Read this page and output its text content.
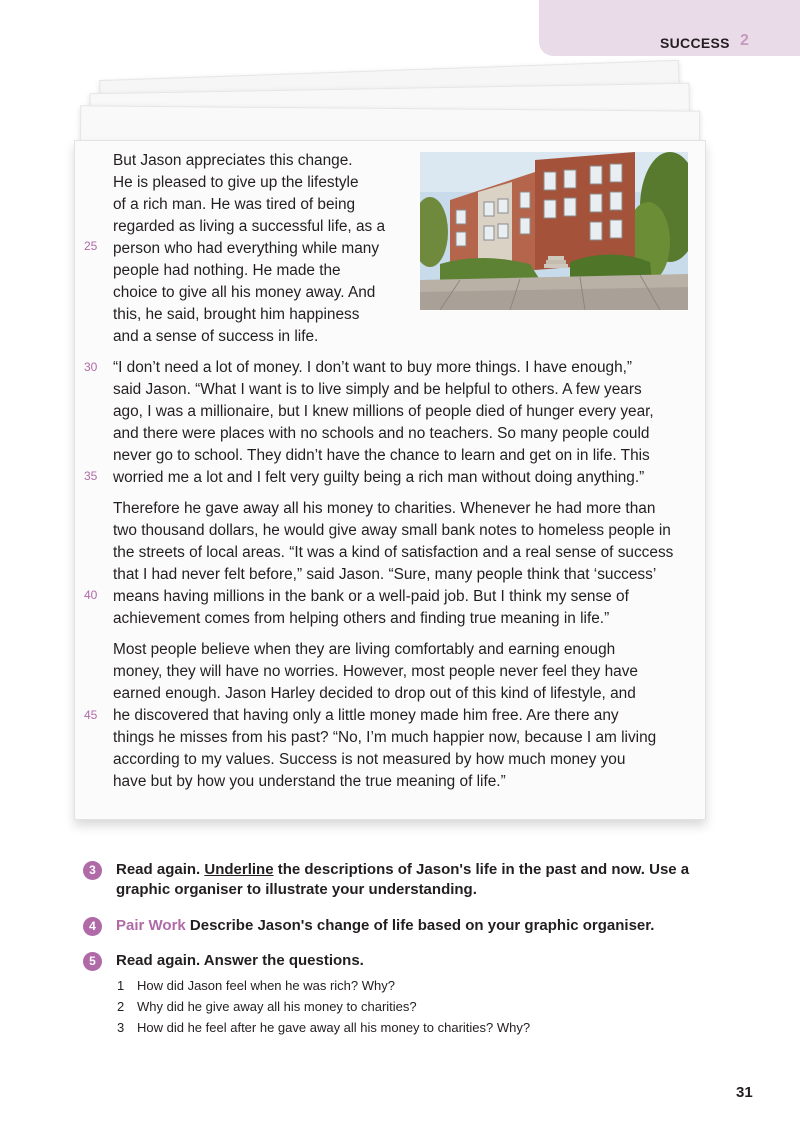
SUCCESS 2
25
30
35
40
45
But Jason appreciates this change.
He is pleased to give up the lifestyle
of a rich man. He was tired of being
regarded as living a successful life, as a
person who had everything while many
people had nothing. He made the
choice to give all his money away. And
this, he said, brought him happiness
and a sense of success in life.
“I don’t need a lot of money. I don’t want to buy more things. I have enough,”
said Jason. “What I want is to live simply and be helpful to others. A few years
ago, I was a millionaire, but I knew millions of people died of hunger every year,
and there were places with no schools and no teachers. So many people could
never go to school. They didn’t have the chance to learn and get on in life. This
worried me a lot and I felt very guilty being a rich man without doing anything.”
Therefore he gave away all his money to charities. Whenever he had more than
two thousand dollars, he would give away small bank notes to homeless people in
the streets of local areas. “It was a kind of satisfaction and a real sense of success
that I had never felt before,” said Jason. “Sure, many people think that ‘success’
means having millions in the bank or a well-paid job. But I think my sense of
achievement comes from helping others and finding true meaning in life.”
Most people believe when they are living comfortably and earning enough
money, they will have no worries. However, most people never feel they have
earned enough. Jason Harley decided to drop out of this kind of lifestyle, and
he discovered that having only a little money made him free. Are there any
things he misses from his past? “No, I’m much happier now, because I am living
according to my values. Success is not measured by how much money you
have but by how you understand the true meaning of life.”
3	Read again. Underline the descriptions of Jason's life in the past and now. Use a
graphic organiser to illustrate your understanding.
4	Pair Work Describe Jason's change of life based on your graphic organiser.
5	Read again. Answer the questions.
1 How did Jason feel when he was rich? Why?
2 Why did he give away all his money to charities?
3 How did he feel after he gave away all his money to charities? Why?
31
